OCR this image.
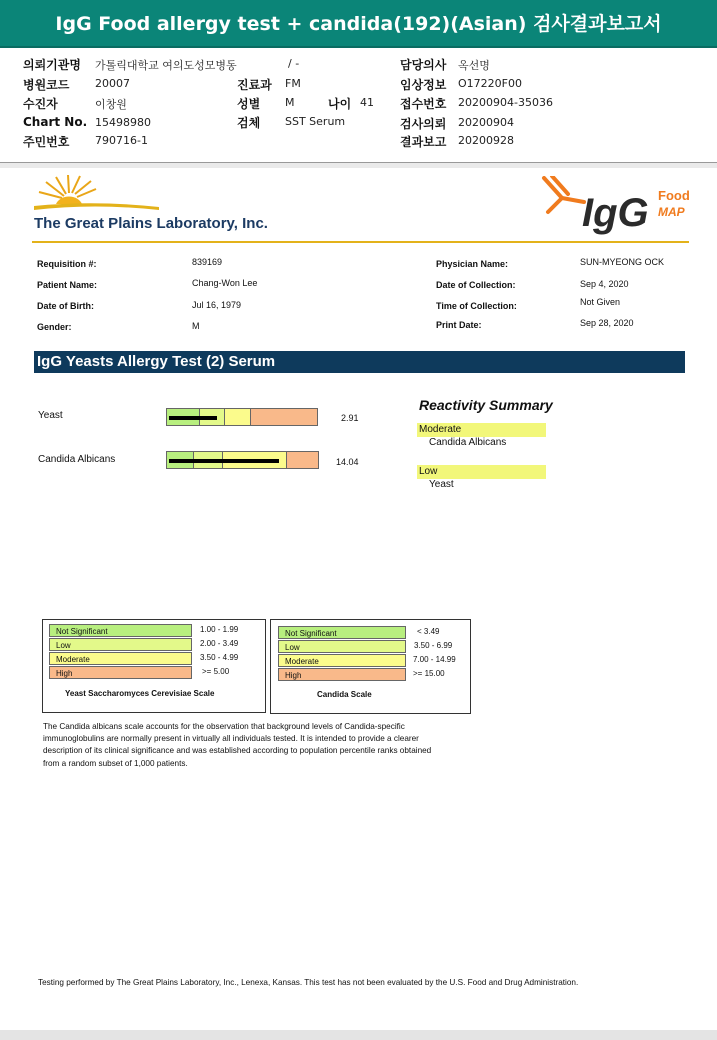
IgG Food allergy test + candida(192)(Asian) 검사결과보고서
의뢰기관명 가톨릭대학교 여의도성모병동	/ -	담당의사 옥선명
병원코드 20007	진료과 FM	임상정보 O17220F00
수진자	이창원	성별 M	나이 41 접수번호 20200904-35036
Chart No. 15498980	검체 SST Serum	검사의뢰 20200904
주민번호 790716-1	결과보고 20200928
The Great Plains Laboratory, Inc.	IgG Food
MAP
Requisition #:	839169
Patient Name:	Chang-Won Lee
Date of Birth:	Jul 16, 1979
Gender:	M
Physician Name:	SUN-MYEONG OCK
Date of Collection:	Sep 4, 2020
Time of Collection:	Not Given
Print Date:	Sep 28, 2020
IgG Yeasts Allergy Test (2) Serum
Yeast	2.91
Candida Albicans	14.04
Reactivity Summary
Moderate
Candida Albicans
Low
Yeast
Not Significant
Low
Moderate
High
1.00 - 1.99
2.00 - 3.49
3.50 - 4.99
>= 5.00
Yeast Saccharomyces Cerevisiae Scale
Not Significant
Low
Moderate
High
< 3.49
3.50 - 6.99
7.00 - 14.99
>= 15.00
Candida Scale
The Candida albicans scale accounts for the observation that background levels of Candida-specific immunoglobulins are normally present in virtually all individuals tested. It is intended to provide a clearer description of its clinical significance and was established according to population percentile ranks obtained from a random subset of 1,000 patients.
Testing performed by The Great Plains Laboratory, Inc., Lenexa, Kansas. This test has not been evaluated by the U.S. Food and Drug Administration.
